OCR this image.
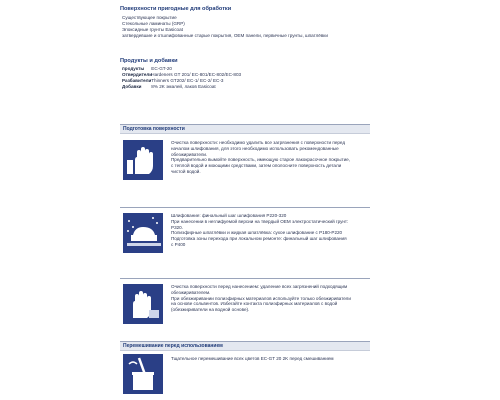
Поверхности пригодные для обработки
Существующее покрытие
Стекольные ламинаты (GRP)
Эпоксидные грунты Easicoat
затвердевшие и отшлифованные старые покрытия, OEM панели, первичные грунты, шпатлёвки
Продукты и добавки
продукты EC-GT-20
Отвердители Hardeners GT 201/ EC-801/EC-802/EC-803
Разбавители Thinners GT202/ EC-1/ EC-2/ EC-3
Добавки 8% 2K эмалей, лаков Easicoat
Подготовка поверхности
Очистка поверхности: необходимо удалить все загрязнения с поверхности перед
началом шлифования, для этого необходимо использовать рекомендованные
обезжириватели.
Предварительно вымойте поверхность, имеющую старое лакокрасочное покрытие,
с теплой водой и моющими средствами, затем ополосните поверхность детали
чистой водой.
Шлифование: финальный шаг шлифования P220-320
При нанесении в неглифуемой версии на твердый OEM электростатический грунт:
P320.
Полиэфирные шпатлёвки и жидкая шпатлёвка: сухое шлифование с P180-P220
Подготовка зоны перехода при локальном ремонте: финальный шаг шлифования
с P400
Очистка поверхности перед нанесением: удаление всех загрязнений подходящим
обезжиривателем.
При обезжиривании полиэфирных материалов используйте только обезжириватели
на основе сольвентов. Избегайте контакта полиэфирных материалов с водой
(обезжириватели на водной основе).
Перемешивание перед использованием
Тщательное перемешивание всех цветов EC-GT 20 2K перед смешиванием
